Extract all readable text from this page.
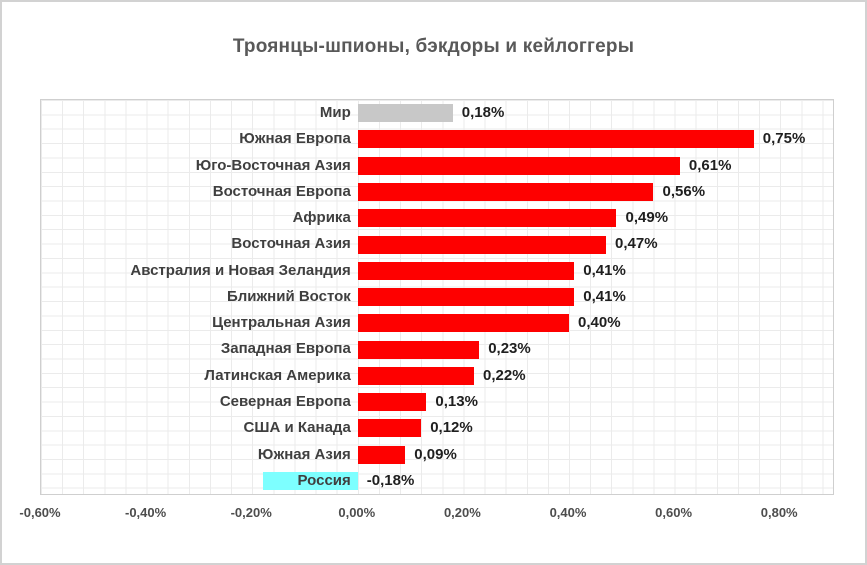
Троянцы-шпионы, бэкдоры и кейлоггеры
Мир	0,18%
Южная Европа	0,75%
Юго-Восточная Азия	0,61%
Восточная Европа	0,56%
Африка	0,49%
Восточная Азия	0,47%
Австралия и Новая Зеландия	0,41%
Ближний Восток	0,41%
Центральная Азия	0,40%
Западная Европа	0,23%
Латинская Америка	0,22%
Северная Европа	0,13%
США и Канада	0,12%
Южная Азия	0,09%
Россия -0,18%
-0,60%	-0,40%	-0,20%	0,00%	0,20%	0,40%	0,60%	0,80%
